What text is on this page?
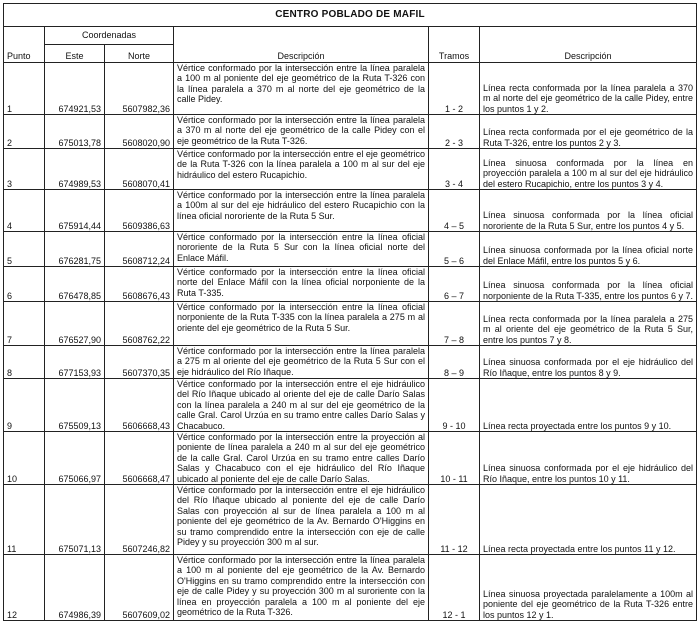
CENTRO POBLADO DE MAFIL					
Punto	Coordenadas		Descripción	Tramos	Descripción
	Este	Norte			
1	674921,53	5607982,36	Vértice conformado por la intersección entre la línea paralela a 100 m al poniente del eje geométrico de la Ruta T-326 con la línea paralela a 370 m al norte del eje geométrico de la calle Pidey.	1 - 2	Línea recta conformada por la línea paralela a 370 m al norte del eje geométrico de la calle Pidey, entre los puntos 1 y 2.
2	675013,78	5608020,90	Vértice conformado por la intersección entre la línea paralela a 370 m al norte del eje geométrico de la calle Pidey con el eje geométrico de la Ruta T-326.	2 - 3	Línea recta conformada por el eje geométrico de la Ruta T-326, entre los puntos 2 y 3.
3	674989,53	5608070,41	Vértice conformado por la intersección entre el eje geométrico de la Ruta T-326 con la línea paralela a 100 m al sur del eje hidráulico del estero Rucapichio.	3 - 4	Línea sinuosa conformada por la línea en proyección paralela a 100 m al sur del eje hidráulico del estero Rucapichio, entre los puntos 3 y 4.
4	675914,44	5609386,63	Vértice conformado por la intersección entre la línea paralela a 100m al sur del eje hidráulico del estero Rucapichio con la línea oficial nororiente de la Ruta 5 Sur.	4 – 5	Línea sinuosa conformada por la línea oficial nororiente de la Ruta 5 Sur, entre los puntos 4 y 5.
5	676281,75	5608712,24	Vértice conformado por la intersección entre la línea oficial nororiente de la Ruta 5 Sur con la línea oficial norte del Enlace Máfil.	5 – 6	Línea sinuosa conformada por la línea oficial norte del Enlace Máfil, entre los puntos 5 y 6.
6	676478,85	5608676,43	Vértice conformado por la intersección entre la línea oficial norte del Enlace Máfil con la línea oficial norponiente de la Ruta T-335.	6 – 7	Línea sinuosa conformada por la línea oficial norponiente de la Ruta T-335, entre los puntos 6 y 7.
7	676527,90	5608762,22	Vértice conformado por la intersección entre la línea oficial norponiente de la Ruta T-335 con la línea paralela a 275 m al oriente del eje geométrico de la Ruta 5 Sur.	7 – 8	Línea recta conformada por la línea paralela a 275 m al oriente del eje geométrico de la Ruta 5 Sur, entre los puntos 7 y 8.
8	677153,93	5607370,35	Vértice conformado por la intersección entre la línea paralela a 275 m al oriente del eje geométrico de la Ruta 5 Sur con el eje hidráulico del Río Iñaque.	8 – 9	Línea sinuosa conformada por el eje hidráulico del Río Iñaque, entre los puntos 8 y 9.
9	675509,13	5606668,43	Vértice conformado por la intersección entre el eje hidráulico del Río Iñaque ubicado al oriente del eje de calle Darío Salas con la línea paralela a 240 m al sur del eje geométrico de la calle Gral. Carol Urzúa en su tramo entre calles Darío Salas y Chacabuco.	9 - 10	Línea recta proyectada entre los puntos 9 y 10.
10	675066,97	5606668,47	Vértice conformado por la intersección entre la proyección al poniente de línea paralela a 240 m al sur del eje geométrico de la calle Gral. Carol Urzúa en su tramo entre calles Darío Salas y Chacabuco con el eje hidráulico del Río Iñaque ubicado al poniente del eje de calle Darío Salas.	10 - 11	Línea sinuosa conformada por el eje hidráulico del Río Iñaque, entre los puntos 10 y 11.
11	675071,13	5607246,82	Vértice conformado por la intersección entre el eje hidráulico del Río Iñaque ubicado al poniente del eje de calle Darío Salas con proyección al sur de línea paralela a 100 m al poniente del eje geométrico de la Av. Bernardo O'Higgins en su tramo comprendido entre la intersección con eje de calle Pidey y su proyección 300 m al sur.	11 - 12	Línea recta proyectada entre los puntos 11 y 12.
12	674986,39	5607609,02	Vértice conformado por la intersección entre la línea paralela a 100 m al poniente del eje geométrico de la Av. Bernardo O'Higgins en su tramo comprendido entre la intersección con eje de calle Pidey y su proyección 300 m al suroriente con la línea en proyección paralela a 100 m al poniente del eje geométrico de la Ruta T-326.	12 - 1	Línea sinuosa proyectada paralelamente a 100m al poniente del eje geométrico de la Ruta T-326 entre los puntos 12 y 1.
